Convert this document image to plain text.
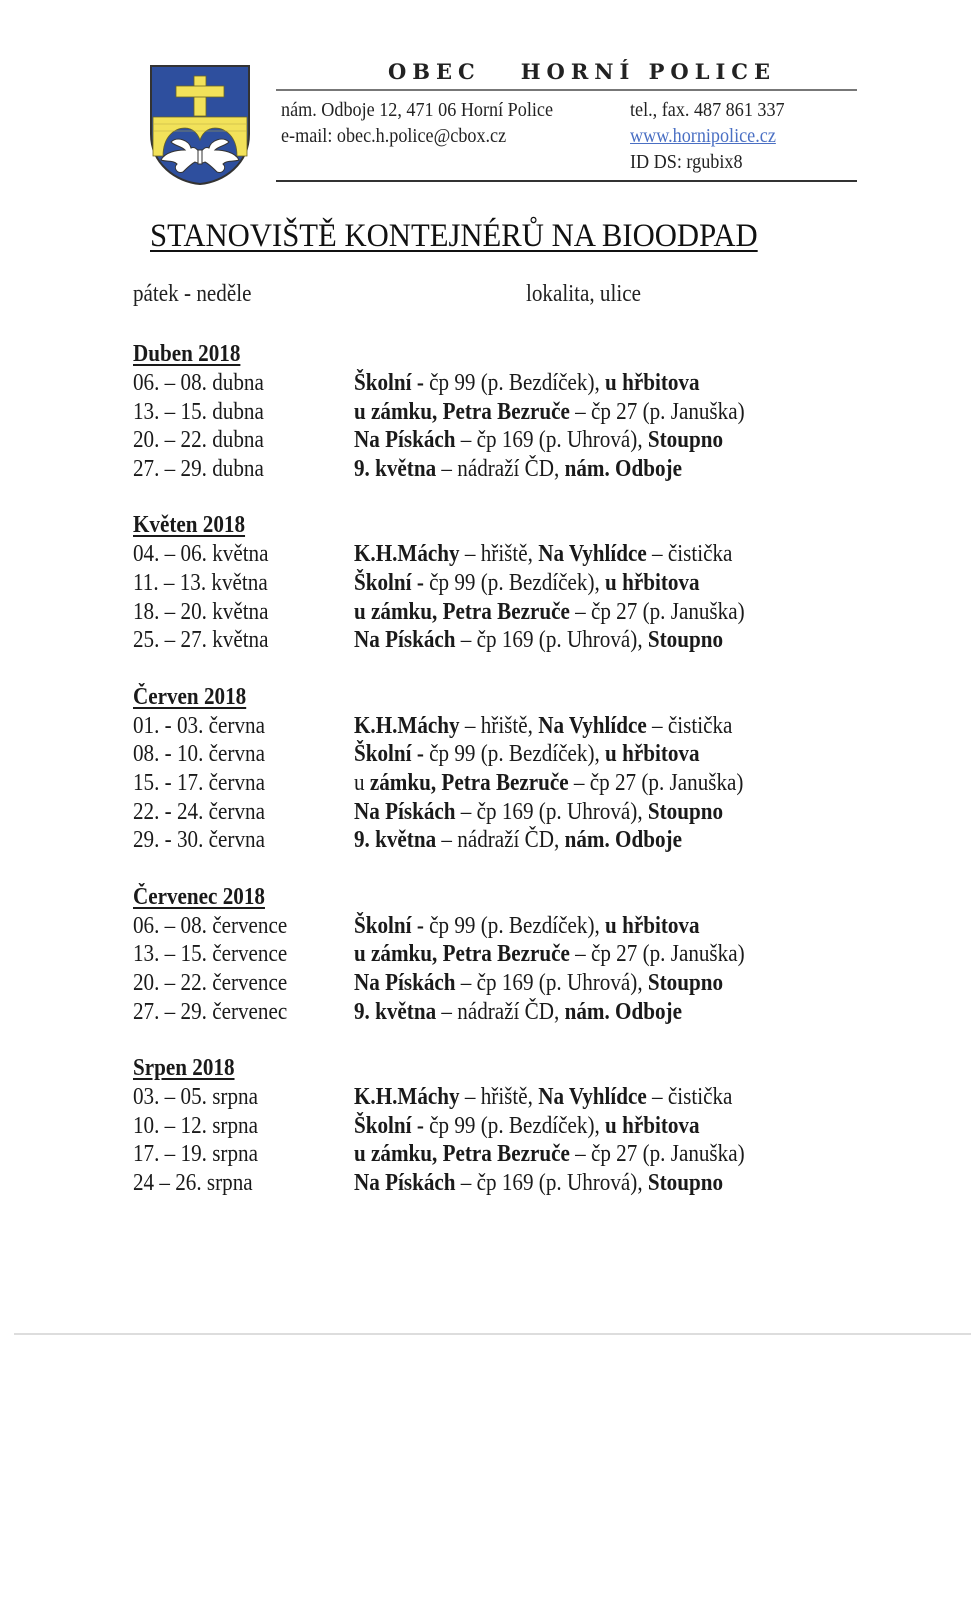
OBEC   HORNÍ POLICE
nám. Odboje 12, 471 06 Horní Police
e-mail: obec.h.police@cbox.cz
tel., fax. 487 861 337
www.hornipolice.cz
ID DS: rgubix8
STANOVIŠTĚ KONTEJNÉRŮ NA BIOODPAD
pátek - neděle	lokalita, ulice
Duben 2018
06. – 08. dubna	Školní - čp 99 (p. Bezdíček), u hřbitova
13. – 15. dubna	u zámku, Petra Bezruče – čp 27 (p. Januška)
20. – 22. dubna	Na Pískách – čp 169 (p. Uhrová), Stoupno
27. – 29. dubna	9. května – nádraží ČD, nám. Odboje
Květen 2018
04. – 06. května	K.H.Máchy – hřiště, Na Vyhlídce – čistička
11. – 13. května	Školní - čp 99 (p. Bezdíček), u hřbitova
18. – 20. května	u zámku, Petra Bezruče – čp 27 (p. Januška)
25. – 27. května	Na Pískách – čp 169 (p. Uhrová), Stoupno
Červen 2018
01. - 03. června	K.H.Máchy – hřiště, Na Vyhlídce – čistička
08. - 10. června	Školní - čp 99 (p. Bezdíček), u hřbitova
15. - 17. června	u zámku, Petra Bezruče – čp 27 (p. Januška)
22. - 24. června	Na Pískách – čp 169 (p. Uhrová), Stoupno
29. - 30. června	9. května – nádraží ČD, nám. Odboje
Červenec 2018
06. – 08. července	Školní - čp 99 (p. Bezdíček), u hřbitova
13. – 15. července	u zámku, Petra Bezruče – čp 27 (p. Januška)
20. – 22. července	Na Pískách – čp 169 (p. Uhrová), Stoupno
27. – 29. červenec	9. května – nádraží ČD, nám. Odboje
Srpen 2018
03. – 05. srpna	K.H.Máchy – hřiště, Na Vyhlídce – čistička
10. – 12. srpna	Školní - čp 99 (p. Bezdíček), u hřbitova
17. – 19. srpna	u zámku, Petra Bezruče – čp 27 (p. Januška)
24 – 26. srpna	Na Pískách – čp 169 (p. Uhrová), Stoupno
